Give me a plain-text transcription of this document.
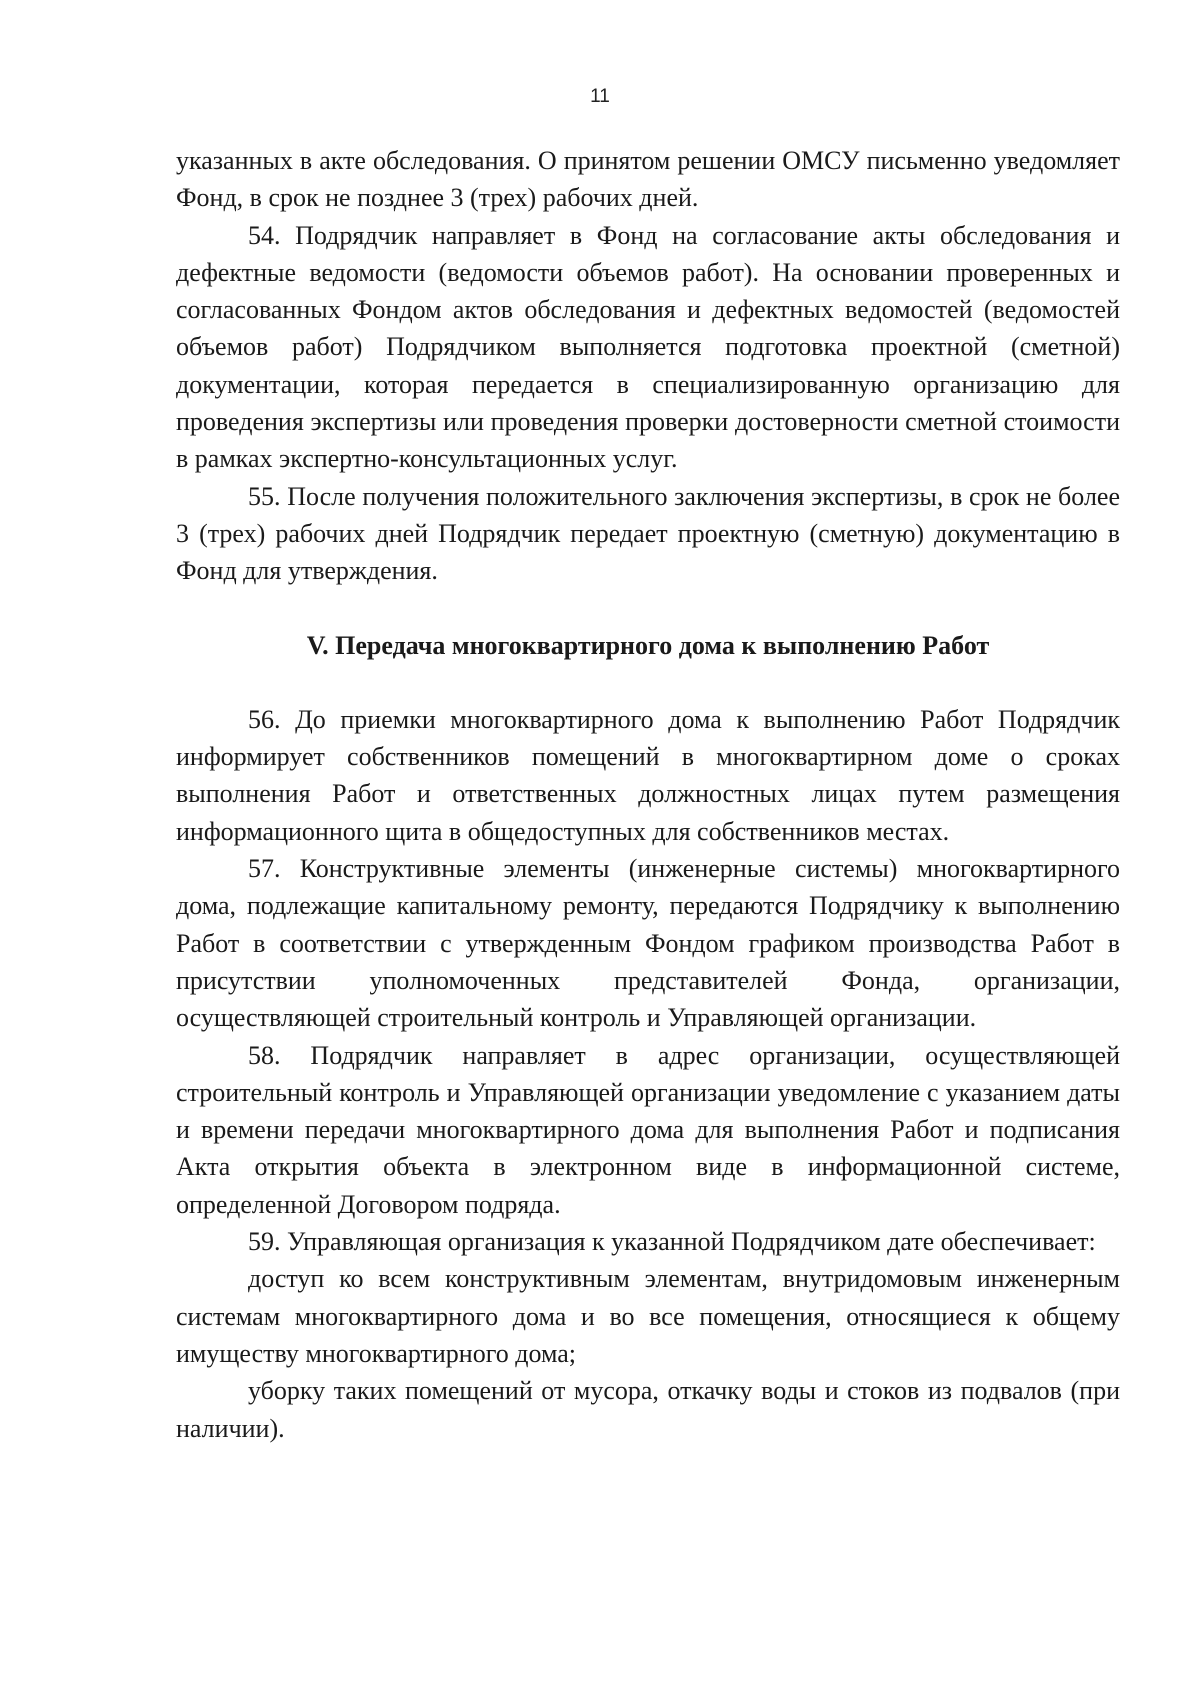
11

указанных в акте обследования. О принятом решении ОМСУ письменно уведомляет Фонд, в срок не позднее 3 (трех) рабочих дней.

54. Подрядчик направляет в Фонд на согласование акты обследования и дефектные ведомости (ведомости объемов работ). На основании проверенных и согласованных Фондом актов обследования и дефектных ведомостей (ведомостей объемов работ) Подрядчиком выполняется подготовка проектной (сметной) документации, которая передается в специализированную организацию для проведения экспертизы или проведения проверки достоверности сметной стоимости в рамках экспертно-консультационных услуг.

55. После получения положительного заключения экспертизы, в срок не более 3 (трех) рабочих дней Подрядчик передает проектную (сметную) документацию в Фонд для утверждения.

V. Передача многоквартирного дома к выполнению Работ

56. До приемки многоквартирного дома к выполнению Работ Подрядчик информирует собственников помещений в многоквартирном доме о сроках выполнения Работ и ответственных должностных лицах путем размещения информационного щита в общедоступных для собственников местах.

57. Конструктивные элементы (инженерные системы) многоквартирного дома, подлежащие капитальному ремонту, передаются Подрядчику к выполнению Работ в соответствии с утвержденным Фондом графиком производства Работ в присутствии уполномоченных представителей Фонда, организации, осуществляющей строительный контроль и Управляющей организации.

58. Подрядчик направляет в адрес организации, осуществляющей строительный контроль и Управляющей организации уведомление с указанием даты и времени передачи многоквартирного дома для выполнения Работ и подписания Акта открытия объекта в электронном виде в информационной системе, определенной Договором подряда.

59. Управляющая организация к указанной Подрядчиком дате обеспечивает:

доступ ко всем конструктивным элементам, внутридомовым инженерным системам многоквартирного дома и во все помещения, относящиеся к общему имуществу многоквартирного дома;

уборку таких помещений от мусора, откачку воды и стоков из подвалов (при наличии).
